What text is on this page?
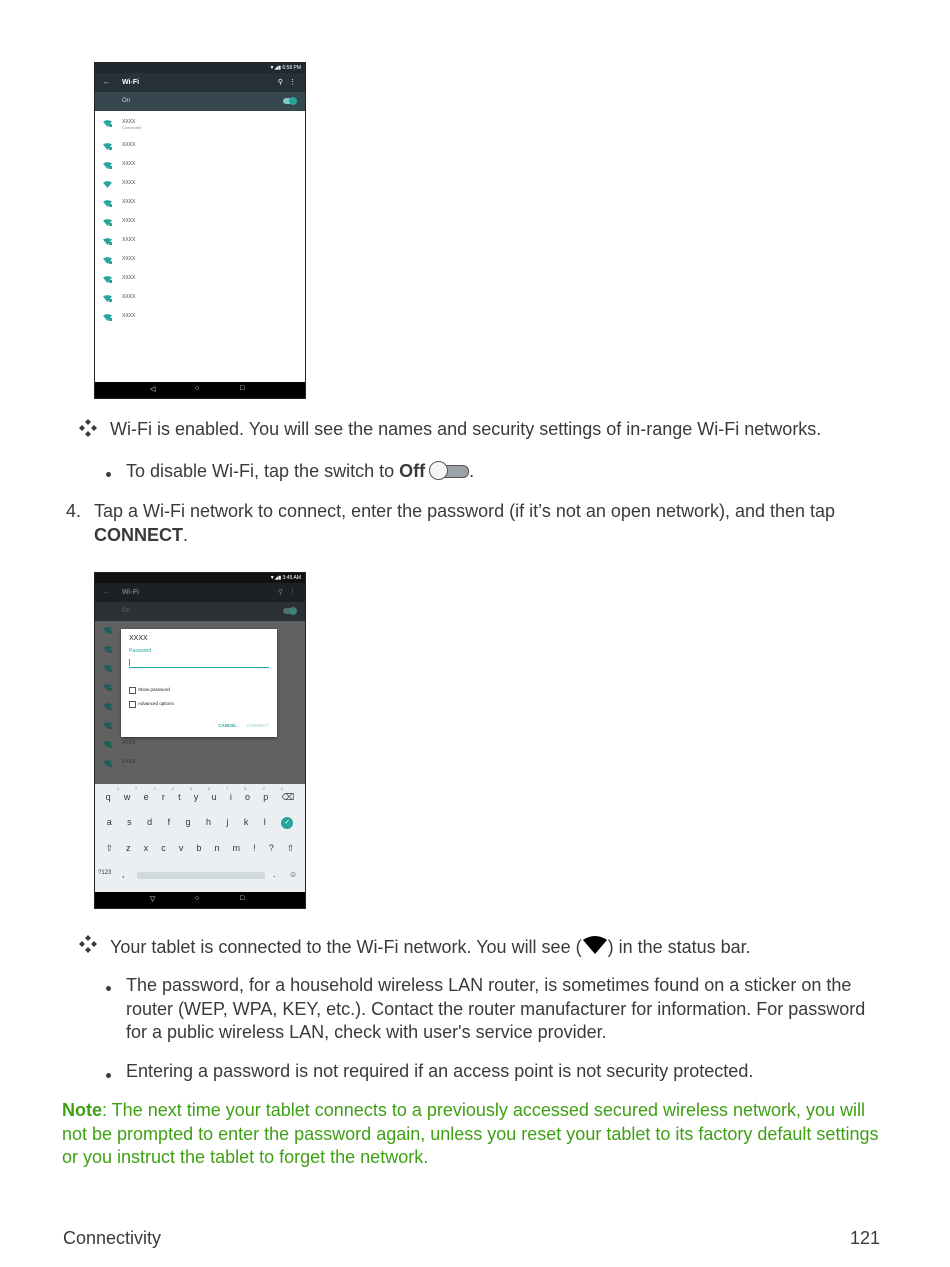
▼◢▮ 6:58 PM
← Wi-Fi	⚲ ⋮
On
XXXX
Connected
XXXX
XXXX
XXXX
XXXX
XXXX
XXXX
XXXX
XXXX
XXXX
XXXX
◁	○	□
Wi-Fi is enabled. You will see the names and security settings of in-range Wi-Fi networks.
To disable Wi-Fi, tap the switch to Off .
4. Tap a Wi-Fi network to connect, enter the password (if it’s not an open network), and then tap CONNECT.
▼◢▮ 3:45 AM
← Wi-Fi	⚲ ⋮
On
XXXX
XXXX
XXXX
Password
Show password
Advanced options
CANCEL CONNECT
1	2	3	4	5	6	7	8	9	0
q w e r t y u i o p ⌫
a s d f g h j k l	✓
⇧ z x c v b n m ! ? ⇧
?123 ,	. ☺
▽	○	□
Your tablet is connected to the Wi-Fi network. You will see ( ) in the status bar.
The password, for a household wireless LAN router, is sometimes found on a sticker on the router (WEP, WPA, KEY, etc.). Contact the router manufacturer for information. For password for a public wireless LAN, check with user's service provider.
Entering a password is not required if an access point is not security protected.
Note: The next time your tablet connects to a previously accessed secured wireless network, you will not be prompted to enter the password again, unless you reset your tablet to its factory default settings or you instruct the tablet to forget the network.
Connectivity	121
